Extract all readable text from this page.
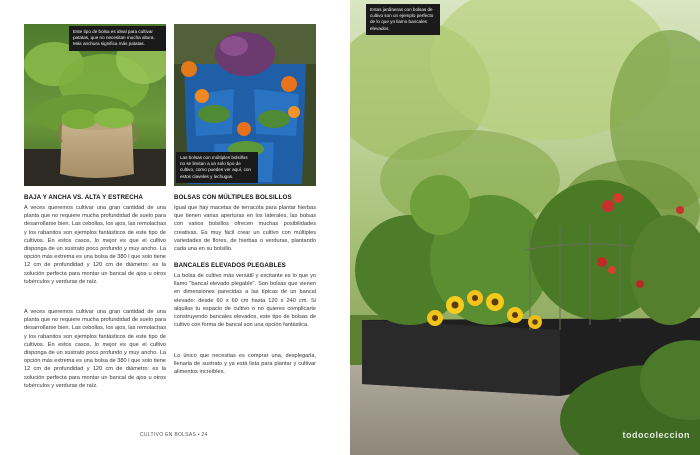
Este tipo de bolsa es ideal para cultivar patatas, que no necesitan mucha altura. Más anchura significa más patatas.
Las bolsas con múltiples bolsillos no se limitan a un solo tipo de cultivo, como puedes ver aquí, con estos claveles y lechugas.
BAJA Y ANCHA VS. ALTA Y ESTRECHA
A veces queremos cultivar una gran cantidad de una planta que no requiere mucha profundidad de suelo para desarrollarse bien. Las cebollas, los ajos, las remolachas y los rabanitos son ejemplos fantásticos de este tipo de cultivos. En estos casos, lo mejor es que el cultivo disponga de un sustrato poco profundo y muy ancho. La opción más extrema es una bolsa de 380 l que solo tiene 12 cm de profundidad y 120 cm de diámetro: es la solución perfecta para montar un bancal de ajos u otros tubérculos y verduras de raíz.
A veces queremos cultivar una gran cantidad de una planta que no requiere mucha profundidad de suelo para desarrollarse bien. Las cebollas, los ajos, las remolachas y los rabanitos son ejemplos fantásticos de este tipo de cultivos. En estos casos, lo mejor es que el cultivo disponga de un sustrato poco profundo y muy ancho. La opción más extrema es una bolsa de 380 l que solo tiene 12 cm de profundidad y 120 cm de diámetro: es la solución perfecta para montar un bancal de ajos u otros tubérculos y verduras de raíz.
BOLSAS CON MÚLTIPLES BOLSILLOS
Igual que hay macetas de terracota para plantar hierbas que tienen varias aperturas en los laterales, las bolsas con varios bolsillos ofrecen muchas posibilidades creativas. Es muy fácil crear un cultivo con múltiples variedades de flores, de hierbas o verduras, plantando cada una en su bolsillo.
BANCALES ELEVADOS PLEGABLES
La bolsa de cultivo más versátil y excitante es lo que yo llamo "bancal elevado plegable". Son bolsas que vienen en dimensiones parecidas a las típicas de un bancal elevado: desde 60 x 60 cm hasta 120 x 240 cm. Si alquilas tu espacio de cultivo o no quieres complicarte construyendo bancales elevados, este tipo de bolsas de cultivo con forma de bancal son una opción fantástica.
Lo único que necesitas es comprar una, desplegarla, llenarla de sustrato y ya está lista para plantar y cultivar alimentos increíbles.
CULTIVO EN BOLSAS • 24
Estas jardineras con bolsas de cultivo son un ejemplo perfecto de lo que yo llamo bancales elevados.
todocoleccion
